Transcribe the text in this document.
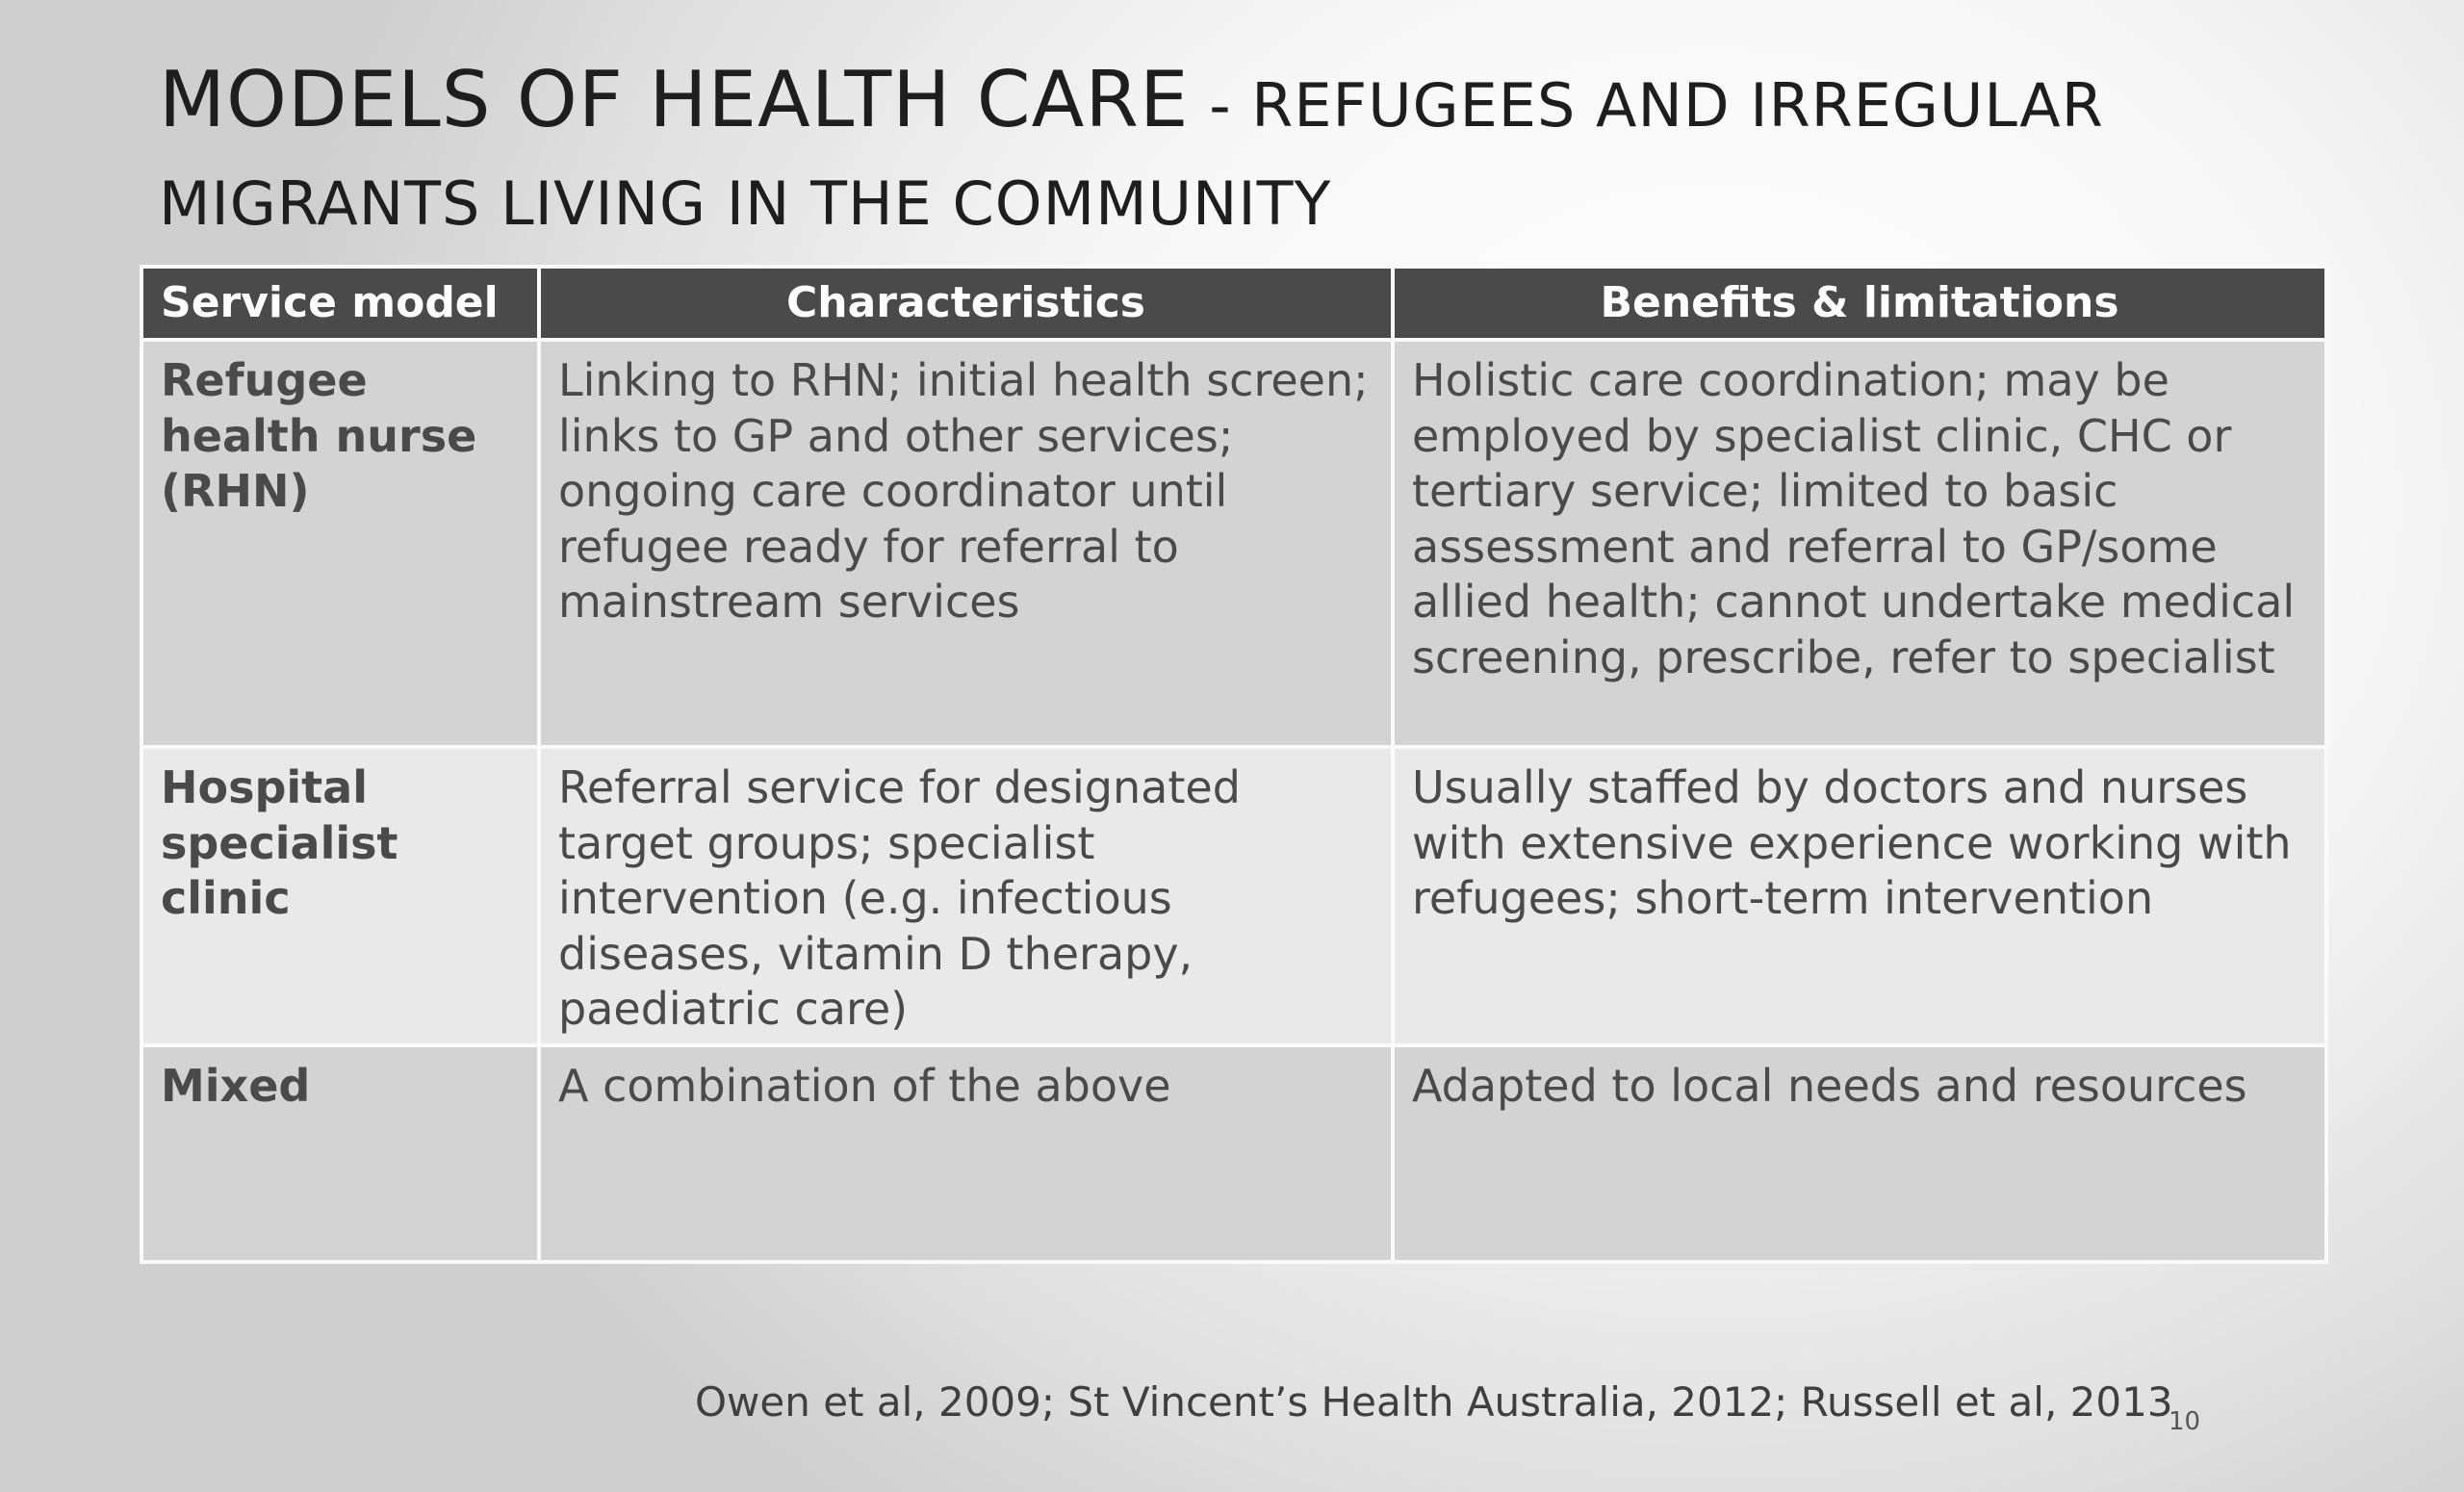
MODELS OF HEALTH CARE - REFUGEES AND IRREGULAR
MIGRANTS LIVING IN THE COMMUNITY
Service model	Characteristics	Benefits & limitations
Refugee health nurse (RHN)	Linking to RHN; initial health screen; links to GP and other services; ongoing care coordinator until refugee ready for referral to mainstream services	Holistic care coordination; may be employed by specialist clinic, CHC or tertiary service; limited to basic assessment and referral to GP/some allied health; cannot undertake medical screening, prescribe, refer to specialist
Hospital specialist clinic	Referral service for designated target groups; specialist intervention (e.g. infectious diseases, vitamin D therapy, paediatric care)	Usually staffed by doctors and nurses with extensive experience working with refugees; short-term intervention
Mixed	A combination of the above	Adapted to local needs and resources

Owen et al, 2009; St Vincent’s Health Australia, 2012; Russell et al, 2013

10
